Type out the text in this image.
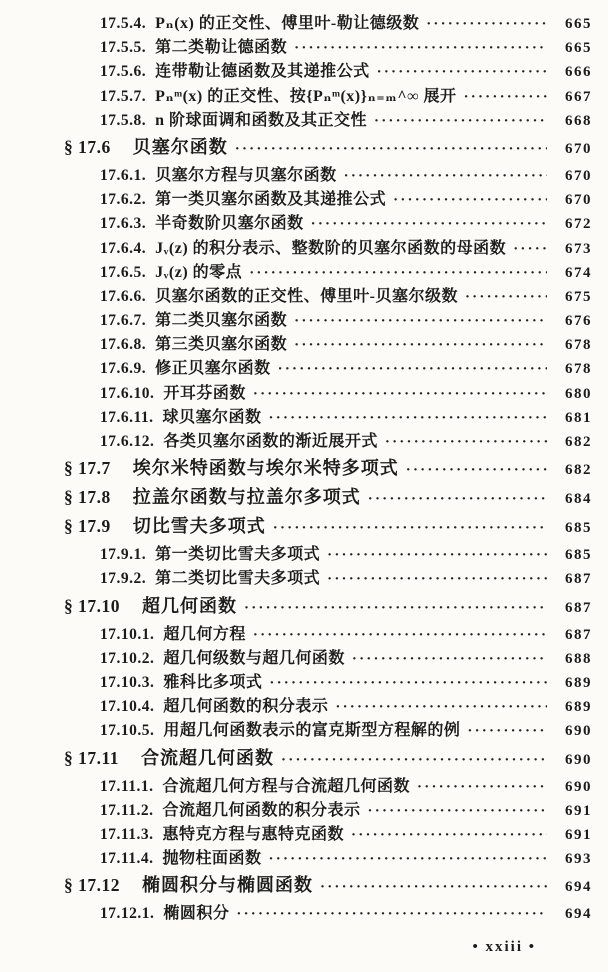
17.5.4. Pₙ(x) 的正交性、傅里叶-勒让德级数 ·····	665
17.5.5. 第二类勒让德函数 ·····	665
17.5.6. 连带勒让德函数及其递推公式 ·····	666
17.5.7. Pₙᵐ(x) 的正交性、按{Pₙᵐ(x)}ₙ₌ₘ^∞ 展开 ·····	667
17.5.8. n 阶球面调和函数及其正交性 ·····	668
§ 17.6 贝塞尔函数 ·····	670
17.6.1. 贝塞尔方程与贝塞尔函数 ·····	670
17.6.2. 第一类贝塞尔函数及其递推公式 ·····	670
17.6.3. 半奇数阶贝塞尔函数 ·····	672
17.6.4. Jᵥ(z) 的积分表示、整数阶的贝塞尔函数的母函数 ·····	673
17.6.5. Jᵥ(z) 的零点 ·····	674
17.6.6. 贝塞尔函数的正交性、傅里叶-贝塞尔级数 ·····	675
17.6.7. 第二类贝塞尔函数 ·····	676
17.6.8. 第三类贝塞尔函数 ·····	678
17.6.9. 修正贝塞尔函数 ·····	678
17.6.10. 开耳芬函数 ·····	680
17.6.11. 球贝塞尔函数 ·····	681
17.6.12. 各类贝塞尔函数的渐近展开式 ·····	682
§ 17.7 埃尔米特函数与埃尔米特多项式 ·····	682
§ 17.8 拉盖尔函数与拉盖尔多项式 ·····	684
§ 17.9 切比雪夫多项式 ·····	685
17.9.1. 第一类切比雪夫多项式 ·····	685
17.9.2. 第二类切比雪夫多项式 ·····	687
§ 17.10 超几何函数 ·····	687
17.10.1. 超几何方程 ·····	687
17.10.2. 超几何级数与超几何函数 ·····	688
17.10.3. 雅科比多项式 ·····	689
17.10.4. 超几何函数的积分表示 ·····	689
17.10.5. 用超几何函数表示的富克斯型方程解的例 ·····	690
§ 17.11 合流超几何函数 ·····	690
17.11.1. 合流超几何方程与合流超几何函数 ·····	690
17.11.2. 合流超几何函数的积分表示 ·····	691
17.11.3. 惠特克方程与惠特克函数 ·····	691
17.11.4. 抛物柱面函数 ·····	693
§ 17.12 椭圆积分与椭圆函数 ·····	694
17.12.1. 椭圆积分 ·····	694
• xxiii •
